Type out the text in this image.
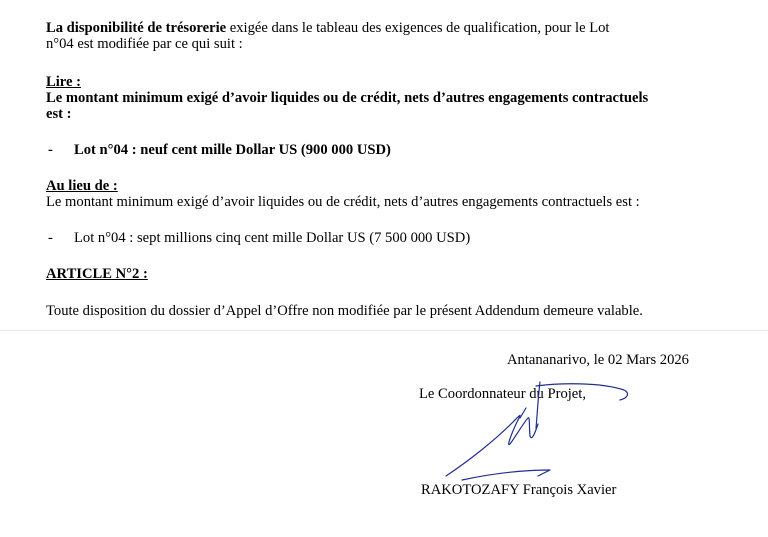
La disponibilité de trésorerie exigée dans le tableau des exigences de qualification, pour le Lot
n°04 est modifiée par ce qui suit :

Lire :

Le montant minimum exigé d’avoir liquides ou de crédit, nets d’autres engagements contractuels
est :

- Lot n°04 : neuf cent mille Dollar US (900 000 USD)

Au lieu de :

Le montant minimum exigé d’avoir liquides ou de crédit, nets d’autres engagements contractuels est :

- Lot n°04 : sept millions cinq cent mille Dollar US (7 500 000 USD)

ARTICLE N°2 :

Toute disposition du dossier d’Appel d’Offre non modifiée par le présent Addendum demeure valable.

Antananarivo, le 02 Mars 2026
Le Coordonnateur du Projet,
RAKOTOZAFY François Xavier
